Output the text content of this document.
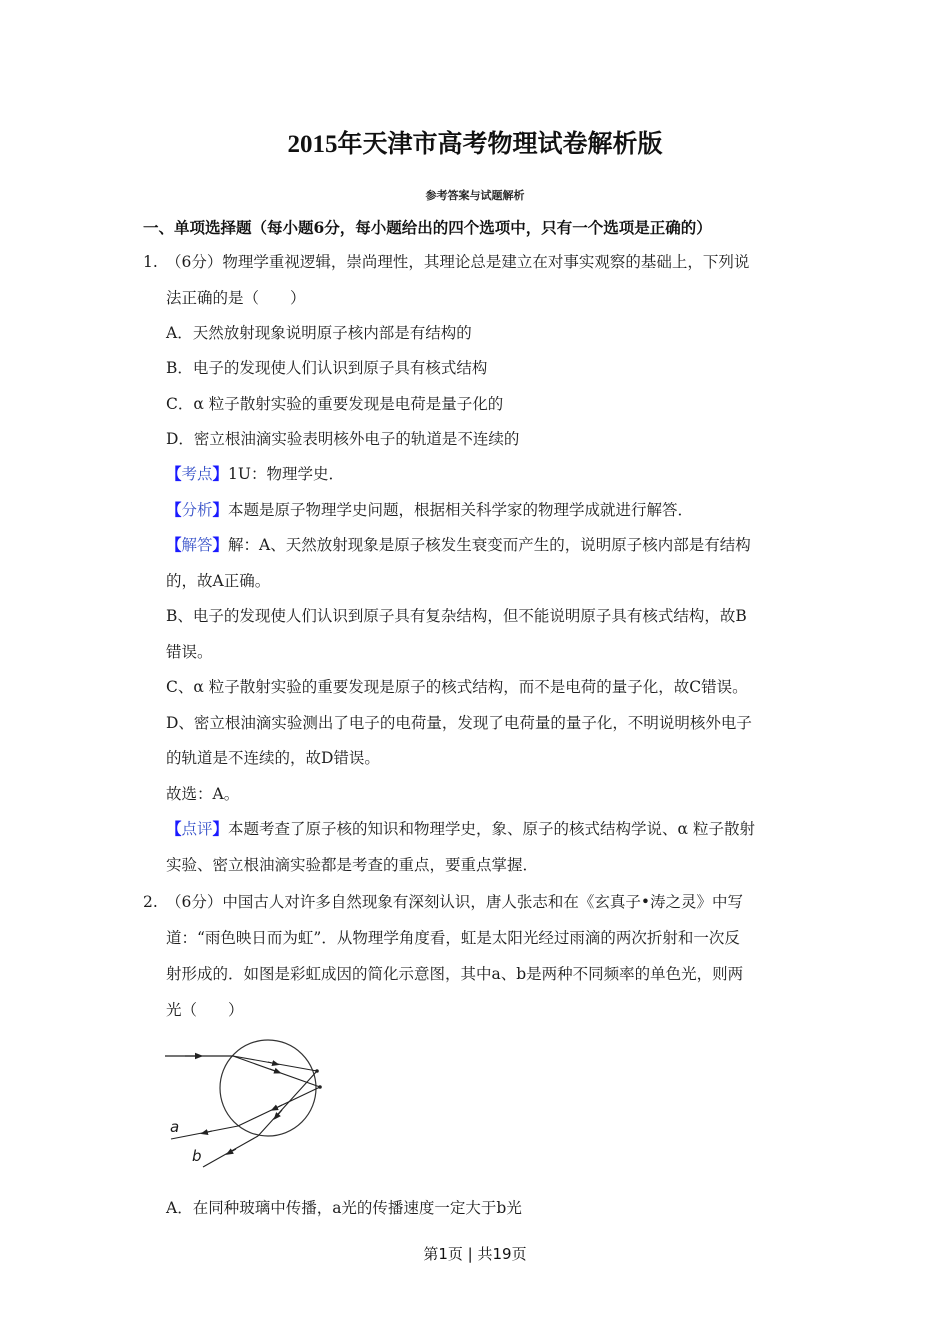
2015年天津市高考物理试卷解析版
参考答案与试题解析
一、单项选择题（每小题6分，每小题给出的四个选项中，只有一个选项是正确的）
1. （6分）物理学重视逻辑，崇尚理性，其理论总是建立在对事实观察的基础上，下列说
法正确的是（　　）
A．天然放射现象说明原子核内部是有结构的
B．电子的发现使人们认识到原子具有核式结构
C．α 粒子散射实验的重要发现是电荷是量子化的
D．密立根油滴实验表明核外电子的轨道是不连续的
【考点】1U：物理学史．
【分析】本题是原子物理学史问题，根据相关科学家的物理学成就进行解答．
【解答】解：A、天然放射现象是原子核发生衰变而产生的，说明原子核内部是有结构
的，故A正确。
B、电子的发现使人们认识到原子具有复杂结构，但不能说明原子具有核式结构，故B
错误。
C、α 粒子散射实验的重要发现是原子的核式结构，而不是电荷的量子化，故C错误。
D、密立根油滴实验测出了电子的电荷量，发现了电荷量的量子化，不明说明核外电子
的轨道是不连续的，故D错误。
故选：A。
【点评】本题考查了原子核的知识和物理学史，象、原子的核式结构学说、α 粒子散射
实验、密立根油滴实验都是考查的重点，要重点掌握．
2. （6分）中国古人对许多自然现象有深刻认识，唐人张志和在《玄真子•涛之灵》中写
道：“雨色映日而为虹”．从物理学角度看，虹是太阳光经过雨滴的两次折射和一次反
射形成的．如图是彩虹成因的简化示意图，其中a、b是两种不同频率的单色光，则两
光（　　）
a
b
A．在同种玻璃中传播，a光的传播速度一定大于b光
第1页 | 共19页
